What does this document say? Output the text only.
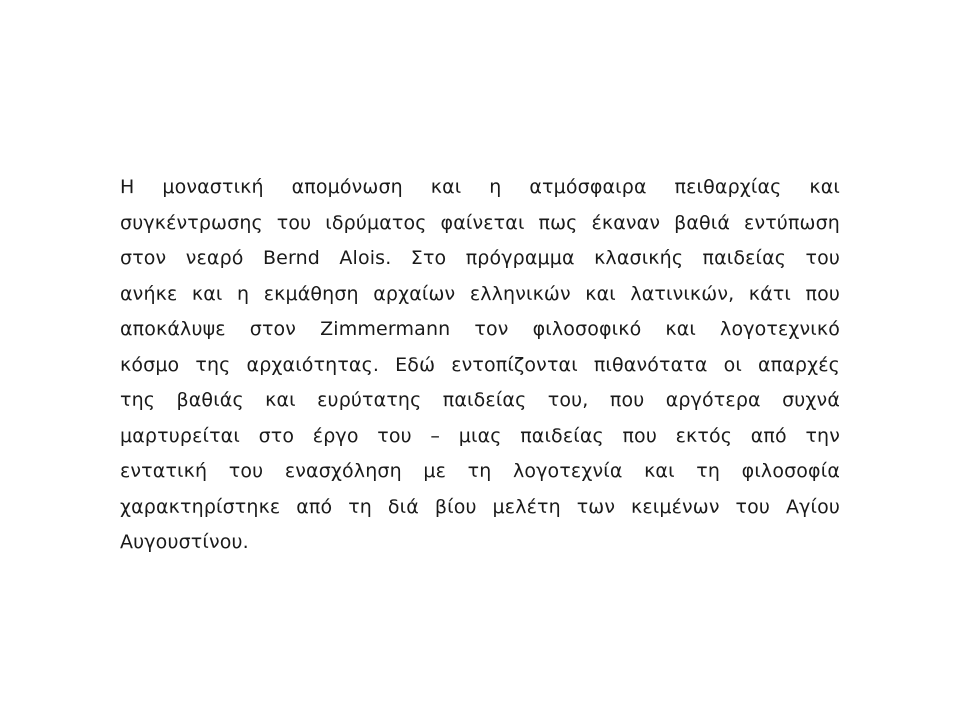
Η μοναστική απομόνωση και η ατμόσφαιρα πειθαρχίας και
συγκέντρωσης του ιδρύματος φαίνεται πως έκαναν βαθιά εντύπωση
στον νεαρό Bernd Alois. Στο πρόγραμμα κλασικής παιδείας του
ανήκε και η εκμάθηση αρχαίων ελληνικών και λατινικών, κάτι που
αποκάλυψε στον Zimmermann τον φιλοσοφικό και λογοτεχνικό
κόσμο της αρχαιότητας. Εδώ εντοπίζονται πιθανότατα οι απαρχές
της βαθιάς και ευρύτατης παιδείας του, που αργότερα συχνά
μαρτυρείται στο έργο του – μιας παιδείας που εκτός από την
εντατική του ενασχόληση με τη λογοτεχνία και τη φιλοσοφία
χαρακτηρίστηκε από τη διά βίου μελέτη των κειμένων του Αγίου
Αυγουστίνου.
